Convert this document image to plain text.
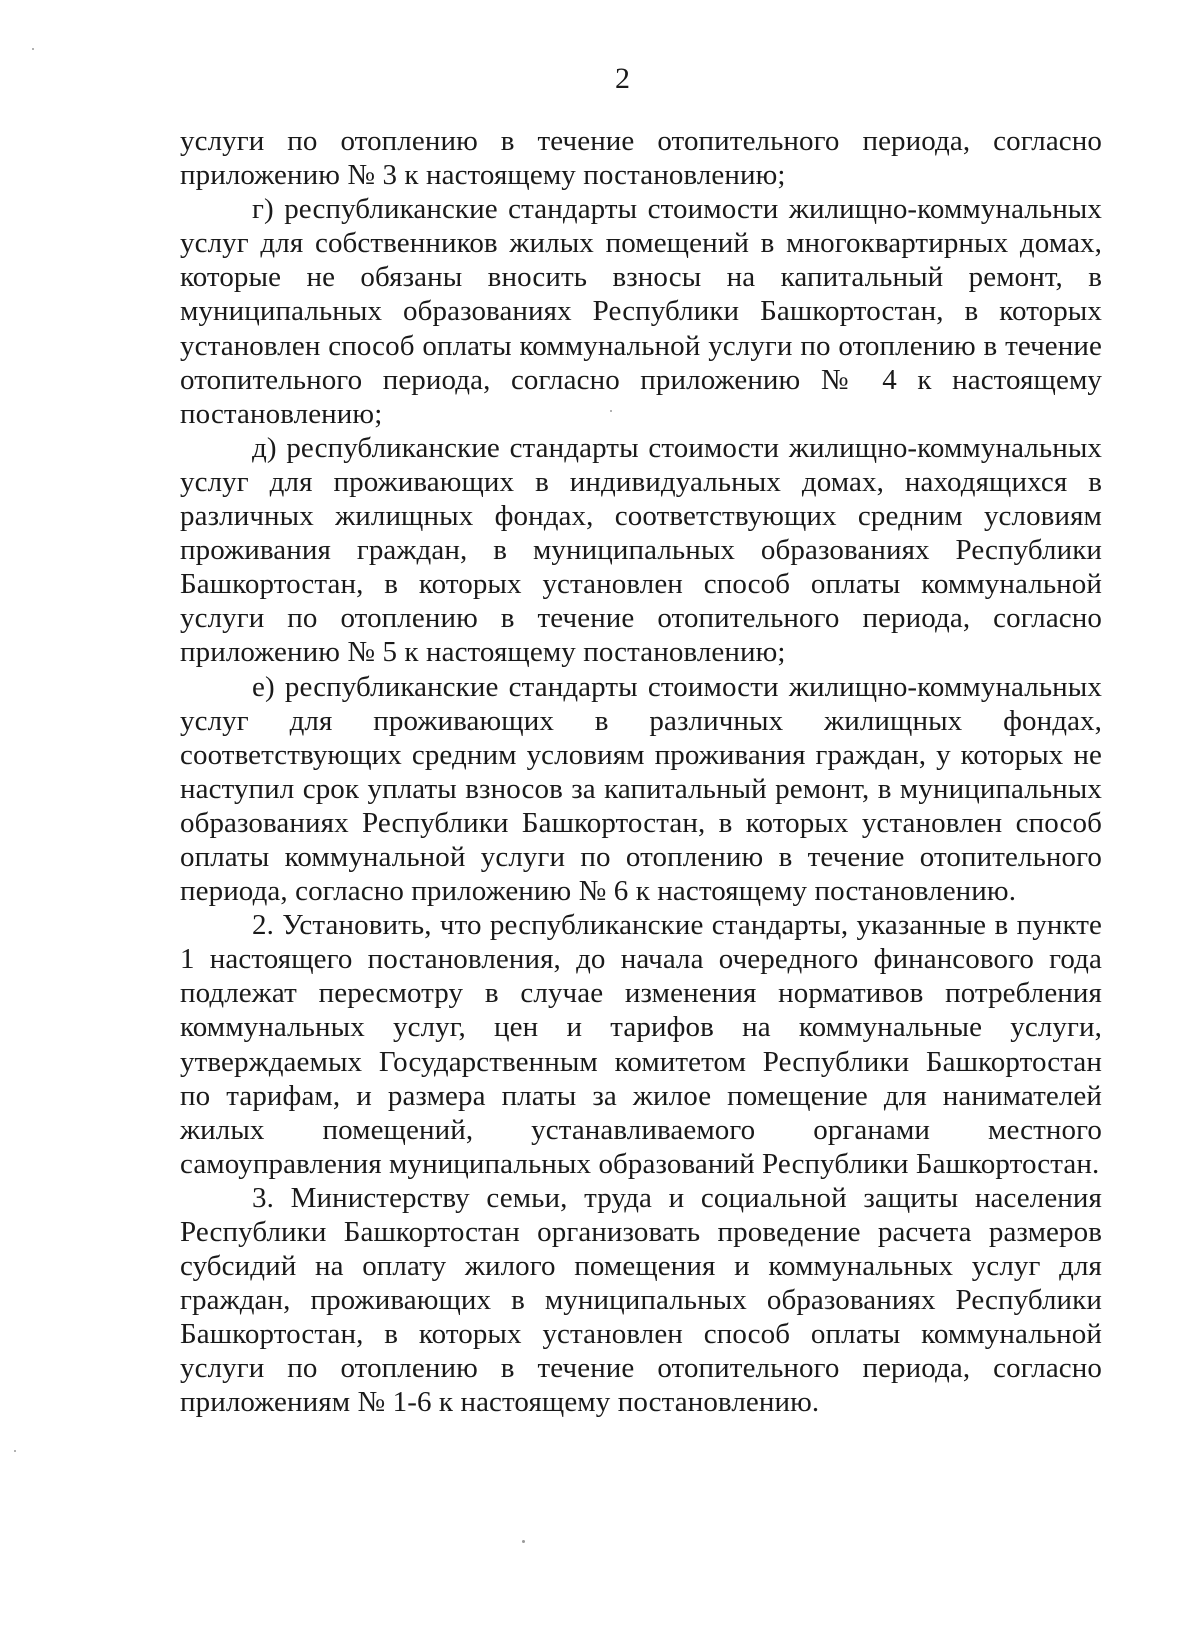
2

услуги по отоплению в течение отопительного периода, согласно приложению № 3 к настоящему постановлению;

г) республиканские стандарты стоимости жилищно-коммунальных услуг для собственников жилых помещений в многоквартирных домах, которые не обязаны вносить взносы на капитальный ремонт, в муниципальных образованиях Республики Башкортостан, в которых установлен способ оплаты коммунальной услуги по отоплению в течение отопительного периода, согласно приложению № 4 к настоящему постановлению;

д) республиканские стандарты стоимости жилищно-коммунальных услуг для проживающих в индивидуальных домах, находящихся в различных жилищных фондах, соответствующих средним условиям проживания граждан, в муниципальных образованиях Республики Башкортостан, в которых установлен способ оплаты коммунальной услуги по отоплению в течение отопительного периода, согласно приложению № 5 к настоящему постановлению;

е) республиканские стандарты стоимости жилищно-коммунальных услуг для проживающих в различных жилищных фондах, соответствующих средним условиям проживания граждан, у которых не наступил срок уплаты взносов за капитальный ремонт, в муниципальных образованиях Республики Башкортостан, в которых установлен способ оплаты коммунальной услуги по отоплению в течение отопительного периода, согласно приложению № 6 к настоящему постановлению.

2. Установить, что республиканские стандарты, указанные в пункте 1 настоящего постановления, до начала очередного финансового года подлежат пересмотру в случае изменения нормативов потребления коммунальных услуг, цен и тарифов на коммунальные услуги, утверждаемых Государственным комитетом Республики Башкортостан по тарифам, и размера платы за жилое помещение для нанимателей жилых помещений, устанавливаемого органами местного самоуправления муниципальных образований Республики Башкортостан.

3. Министерству семьи, труда и социальной защиты населения Республики Башкортостан организовать проведение расчета размеров субсидий на оплату жилого помещения и коммунальных услуг для граждан, проживающих в муниципальных образованиях Республики Башкортостан, в которых установлен способ оплаты коммунальной услуги по отоплению в течение отопительного периода, согласно приложениям № 1-6 к настоящему постановлению.
